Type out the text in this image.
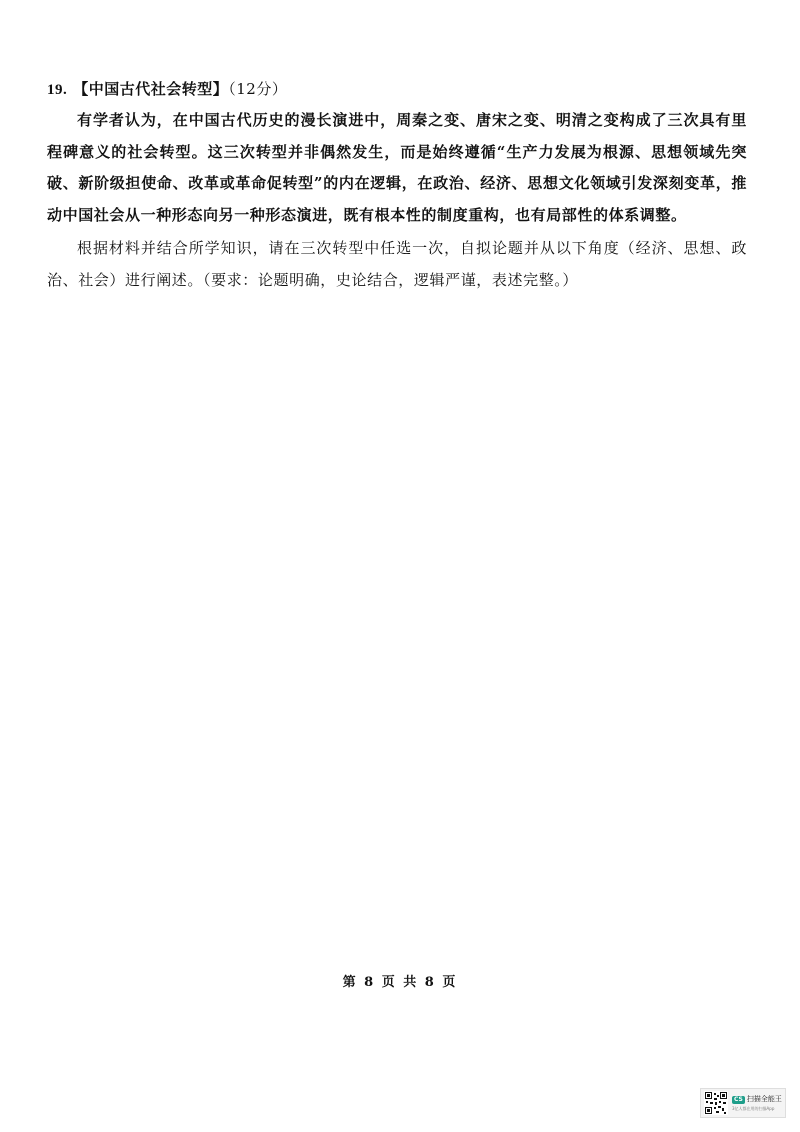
19. 【中国古代社会转型】（12分）

有学者认为，在中国古代历史的漫长演进中，周秦之变、唐宋之变、明清之变构成了三次具有里程碑意义的社会转型。这三次转型并非偶然发生，而是始终遵循“生产力发展为根源、思想领域先突破、新阶级担使命、改革或革命促转型”的内在逻辑，在政治、经济、思想文化领域引发深刻变革，推动中国社会从一种形态向另一种形态演进，既有根本性的制度重构，也有局部性的体系调整。

根据材料并结合所学知识，请在三次转型中任选一次，自拟论题并从以下角度（经济、思想、政治、社会）进行阐述。（要求：论题明确，史论结合，逻辑严谨，表述完整。）

第 8 页 共 8 页
CS 扫描全能王
3亿人都在用的扫描App
